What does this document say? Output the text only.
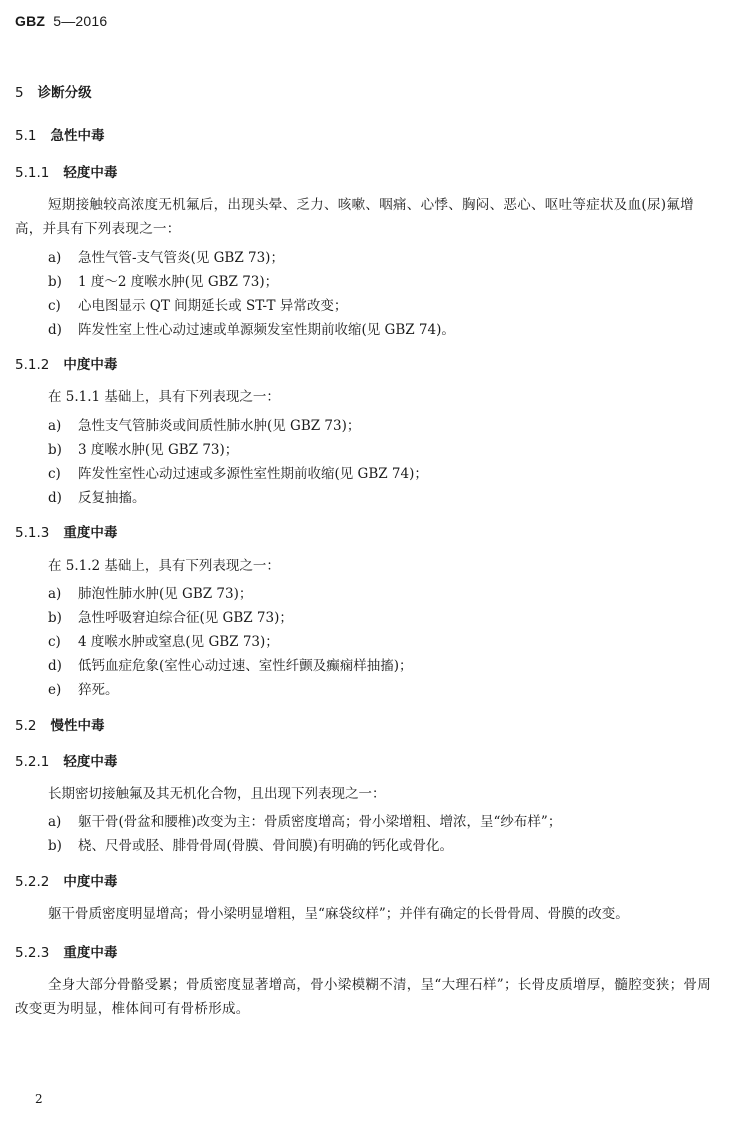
GBZ 5—2016
5 诊断分级
5.1 急性中毒
5.1.1 轻度中毒
短期接触较高浓度无机氟后，出现头晕、乏力、咳嗽、咽痛、心悸、胸闷、恶心、呕吐等症状及血(尿)氟增高，并具有下列表现之一：
a) 急性气管-支气管炎(见 GBZ 73)；
b) 1 度～2 度喉水肿(见 GBZ 73)；
c) 心电图显示 QT 间期延长或 ST-T 异常改变；
d) 阵发性室上性心动过速或单源频发室性期前收缩(见 GBZ 74)。
5.1.2 中度中毒
在 5.1.1 基础上，具有下列表现之一：
a) 急性支气管肺炎或间质性肺水肿(见 GBZ 73)；
b) 3 度喉水肿(见 GBZ 73)；
c) 阵发性室性心动过速或多源性室性期前收缩(见 GBZ 74)；
d) 反复抽搐。
5.1.3 重度中毒
在 5.1.2 基础上，具有下列表现之一：
a) 肺泡性肺水肿(见 GBZ 73)；
b) 急性呼吸窘迫综合征(见 GBZ 73)；
c) 4 度喉水肿或窒息(见 GBZ 73)；
d) 低钙血症危象(室性心动过速、室性纤颤及癫痫样抽搐)；
e) 猝死。
5.2 慢性中毒
5.2.1 轻度中毒
长期密切接触氟及其无机化合物，且出现下列表现之一：
a) 躯干骨(骨盆和腰椎)改变为主：骨质密度增高；骨小梁增粗、增浓，呈“纱布样”；
b) 桡、尺骨或胫、腓骨骨周(骨膜、骨间膜)有明确的钙化或骨化。
5.2.2 中度中毒
躯干骨质密度明显增高；骨小梁明显增粗，呈“麻袋纹样”；并伴有确定的长骨骨周、骨膜的改变。
5.2.3 重度中毒
全身大部分骨骼受累；骨质密度显著增高，骨小梁模糊不清，呈“大理石样”；长骨皮质增厚，髓腔变狭；骨周改变更为明显，椎体间可有骨桥形成。
2
